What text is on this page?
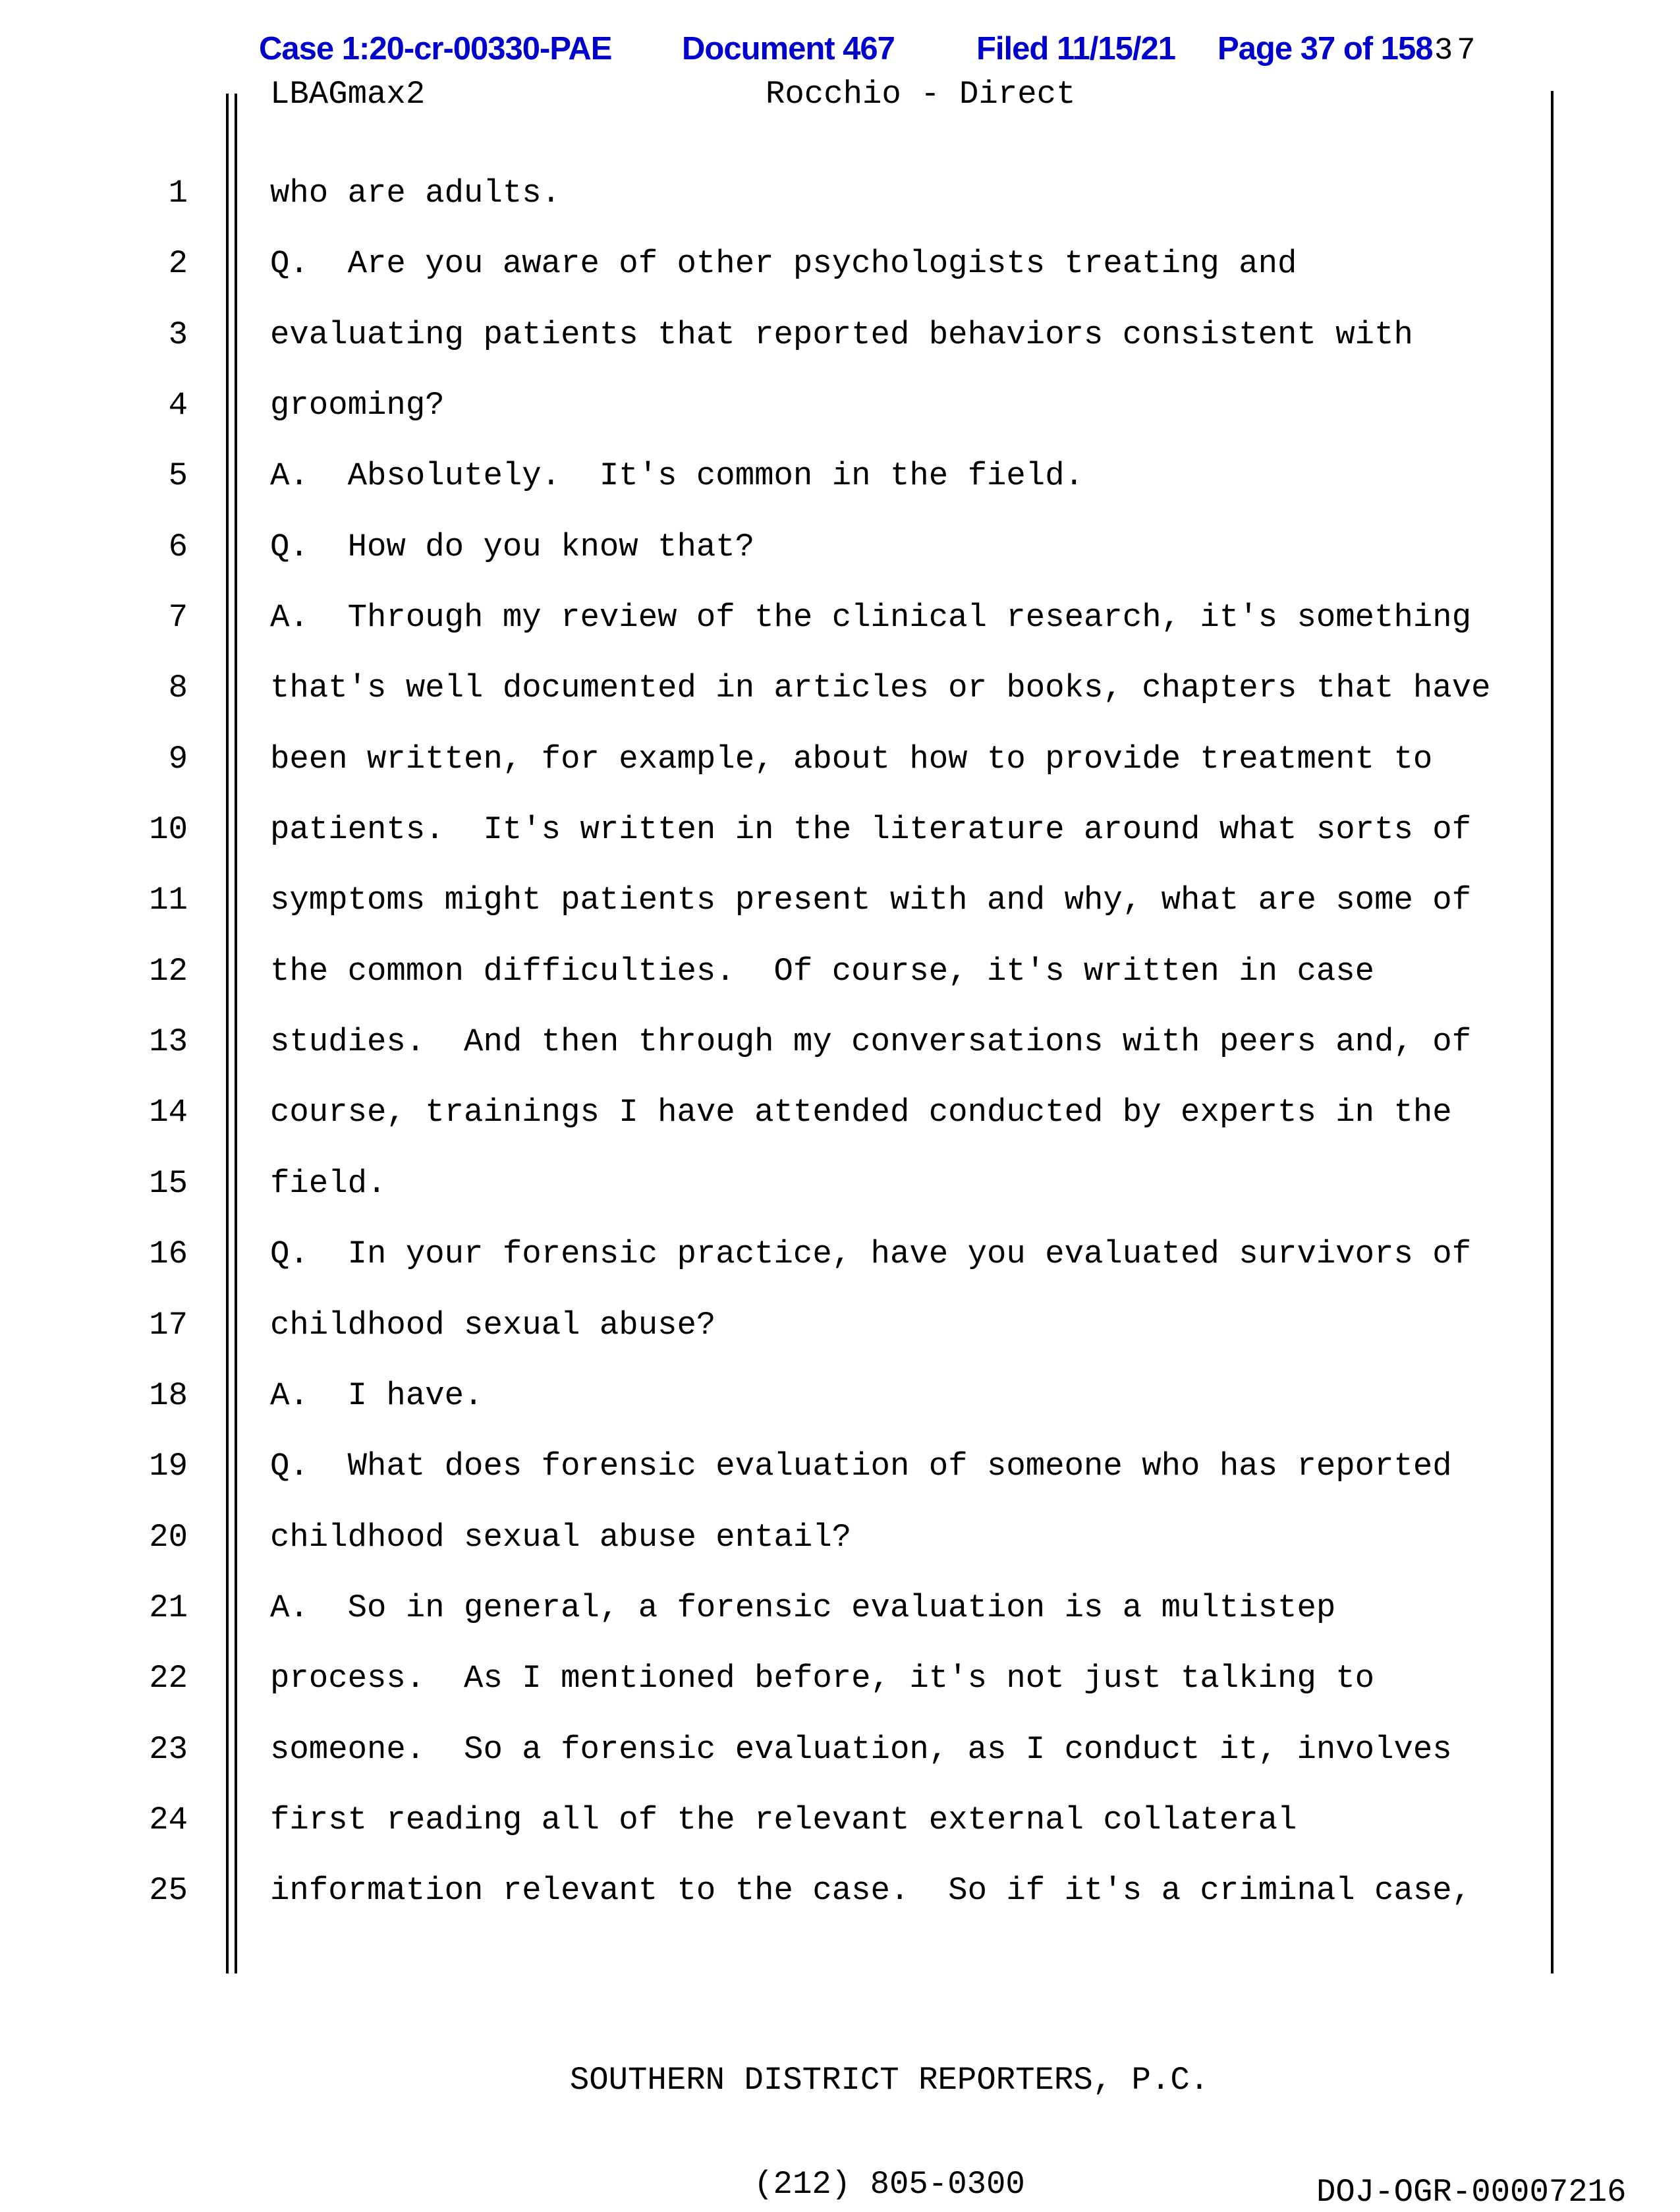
Case 1:20-cr-00330-PAE Document 467	Filed 11/15/21 Page 37 of 158 37
LBAGmax2	Rocchio - Direct
1
2
3
4
5
6
7
8
9
10
11
12
13
14
15
16
17
18
19
20
21
22
23
24
25
who are adults.
Q.  Are you aware of other psychologists treating and
evaluating patients that reported behaviors consistent with
grooming?
A.  Absolutely.  It's common in the field.
Q.  How do you know that?
A.  Through my review of the clinical research, it's something
that's well documented in articles or books, chapters that have
been written, for example, about how to provide treatment to
patients.  It's written in the literature around what sorts of
symptoms might patients present with and why, what are some of
the common difficulties.  Of course, it's written in case
studies.  And then through my conversations with peers and, of
course, trainings I have attended conducted by experts in the
field.
Q.  In your forensic practice, have you evaluated survivors of
childhood sexual abuse?
A.  I have.
Q.  What does forensic evaluation of someone who has reported
childhood sexual abuse entail?
A.  So in general, a forensic evaluation is a multistep
process.  As I mentioned before, it's not just talking to
someone.  So a forensic evaluation, as I conduct it, involves
first reading all of the relevant external collateral
information relevant to the case.  So if it's a criminal case,

SOUTHERN DISTRICT REPORTERS, P.C.

(212) 805-0300

	DOJ-OGR-00007216
